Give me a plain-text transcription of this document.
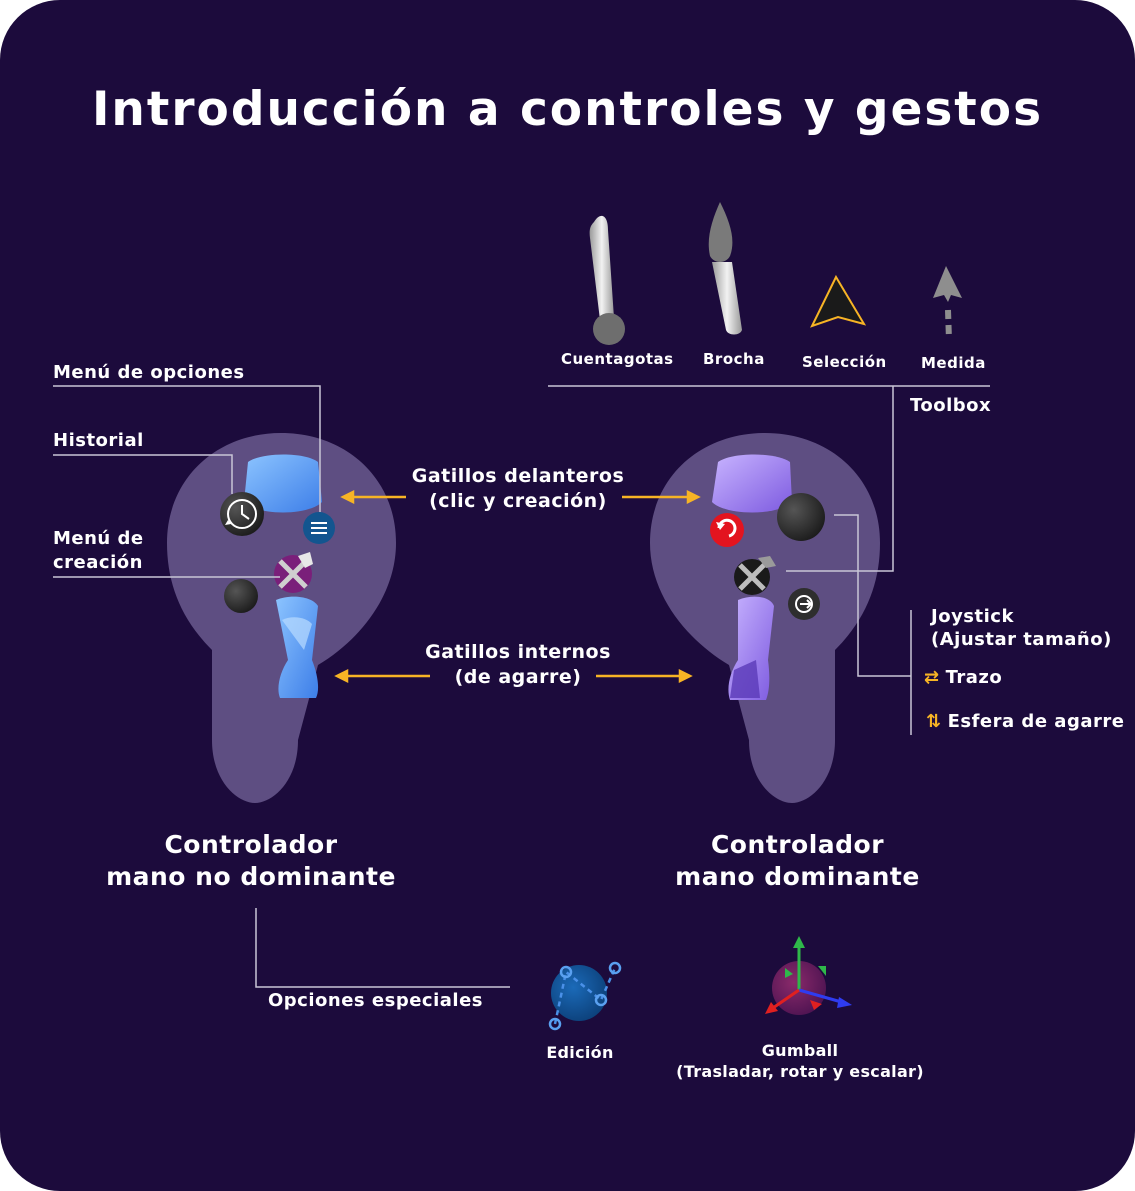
Introducción a controles y gestos
Cuentagotas Brocha Selección Medida
Toolbox
Menú de opciones
Historial
Menú de
creación
Gatillos delanteros
(clic y creación)
Gatillos internos
(de agarre)
Joystick
(Ajustar tamaño)
⇄ Trazo
⇅ Esfera de agarre
Controlador
mano no dominante
Controlador
mano dominante
Opciones especiales
Edición	Gumball
(Trasladar, rotar y escalar)
